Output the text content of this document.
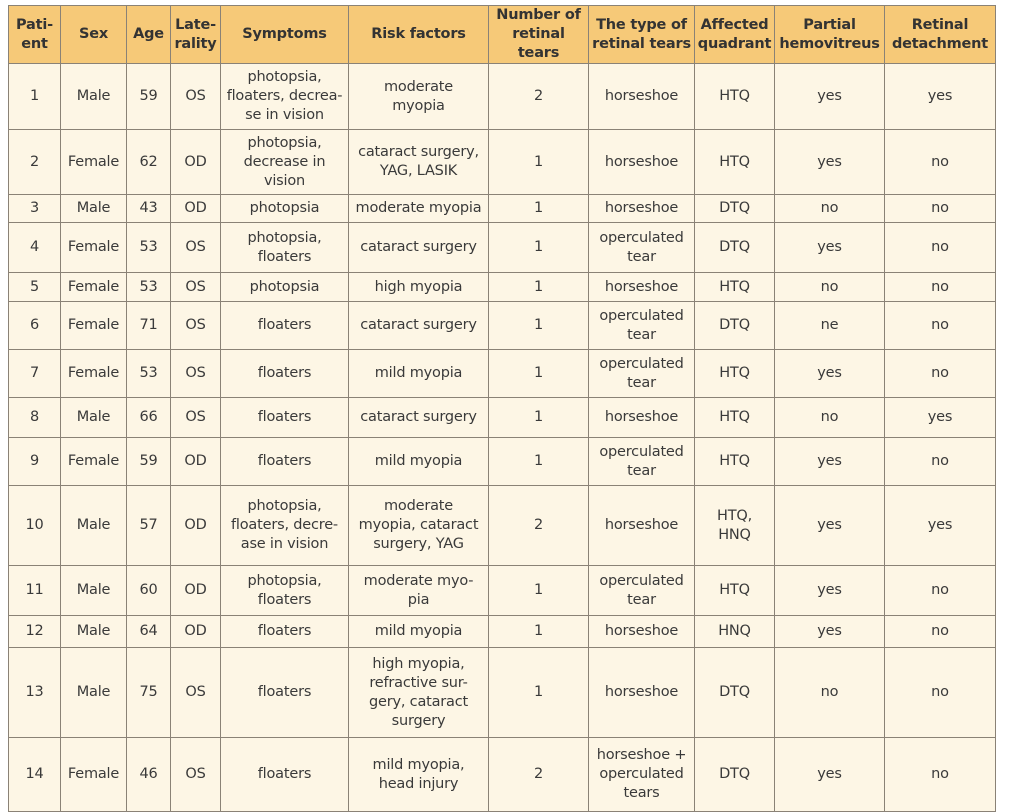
Pati-
ent	Sex	Age	Late-
rality	Symptoms	Risk factors	Number of
retinal tears	The type of
retinal tears	Affected
quadrant	Partial
hemovitreus	Retinal
detachment
1	Male	59	OS	photopsia,
floaters, decrea-
se in vision	moderate
myopia	2	horseshoe	HTQ	yes	yes
2	Female	62	OD	photopsia,
decrease in
vision	cataract surgery,
YAG, LASIK	1	horseshoe	HTQ	yes	no
3	Male	43	OD	photopsia	moderate myopia	1	horseshoe	DTQ	no	no
4	Female	53	OS	photopsia,
floaters	cataract surgery	1	operculated
tear	DTQ	yes	no
5	Female	53	OS	photopsia	high myopia	1	horseshoe	HTQ	no	no
6	Female	71	OS	floaters	cataract surgery	1	operculated
tear	DTQ	ne	no
7	Female	53	OS	floaters	mild myopia	1	operculated
tear	HTQ	yes	no
8	Male	66	OS	floaters	cataract surgery	1	horseshoe	HTQ	no	yes
9	Female	59	OD	floaters	mild myopia	1	operculated
tear	HTQ	yes	no
10	Male	57	OD	photopsia,
floaters, decre-
ase in vision	moderate
myopia, cataract
surgery, YAG	2	horseshoe	HTQ,
HNQ	yes	yes
11	Male	60	OD	photopsia,
floaters	moderate myo-
pia	1	operculated
tear	HTQ	yes	no
12	Male	64	OD	floaters	mild myopia	1	horseshoe	HNQ	yes	no
13	Male	75	OS	floaters	high myopia,
refractive sur-
gery, cataract
surgery	1	horseshoe	DTQ	no	no
14	Female	46	OS	floaters	mild myopia,
head injury	2	horseshoe +
operculated
tears	DTQ	yes	no
